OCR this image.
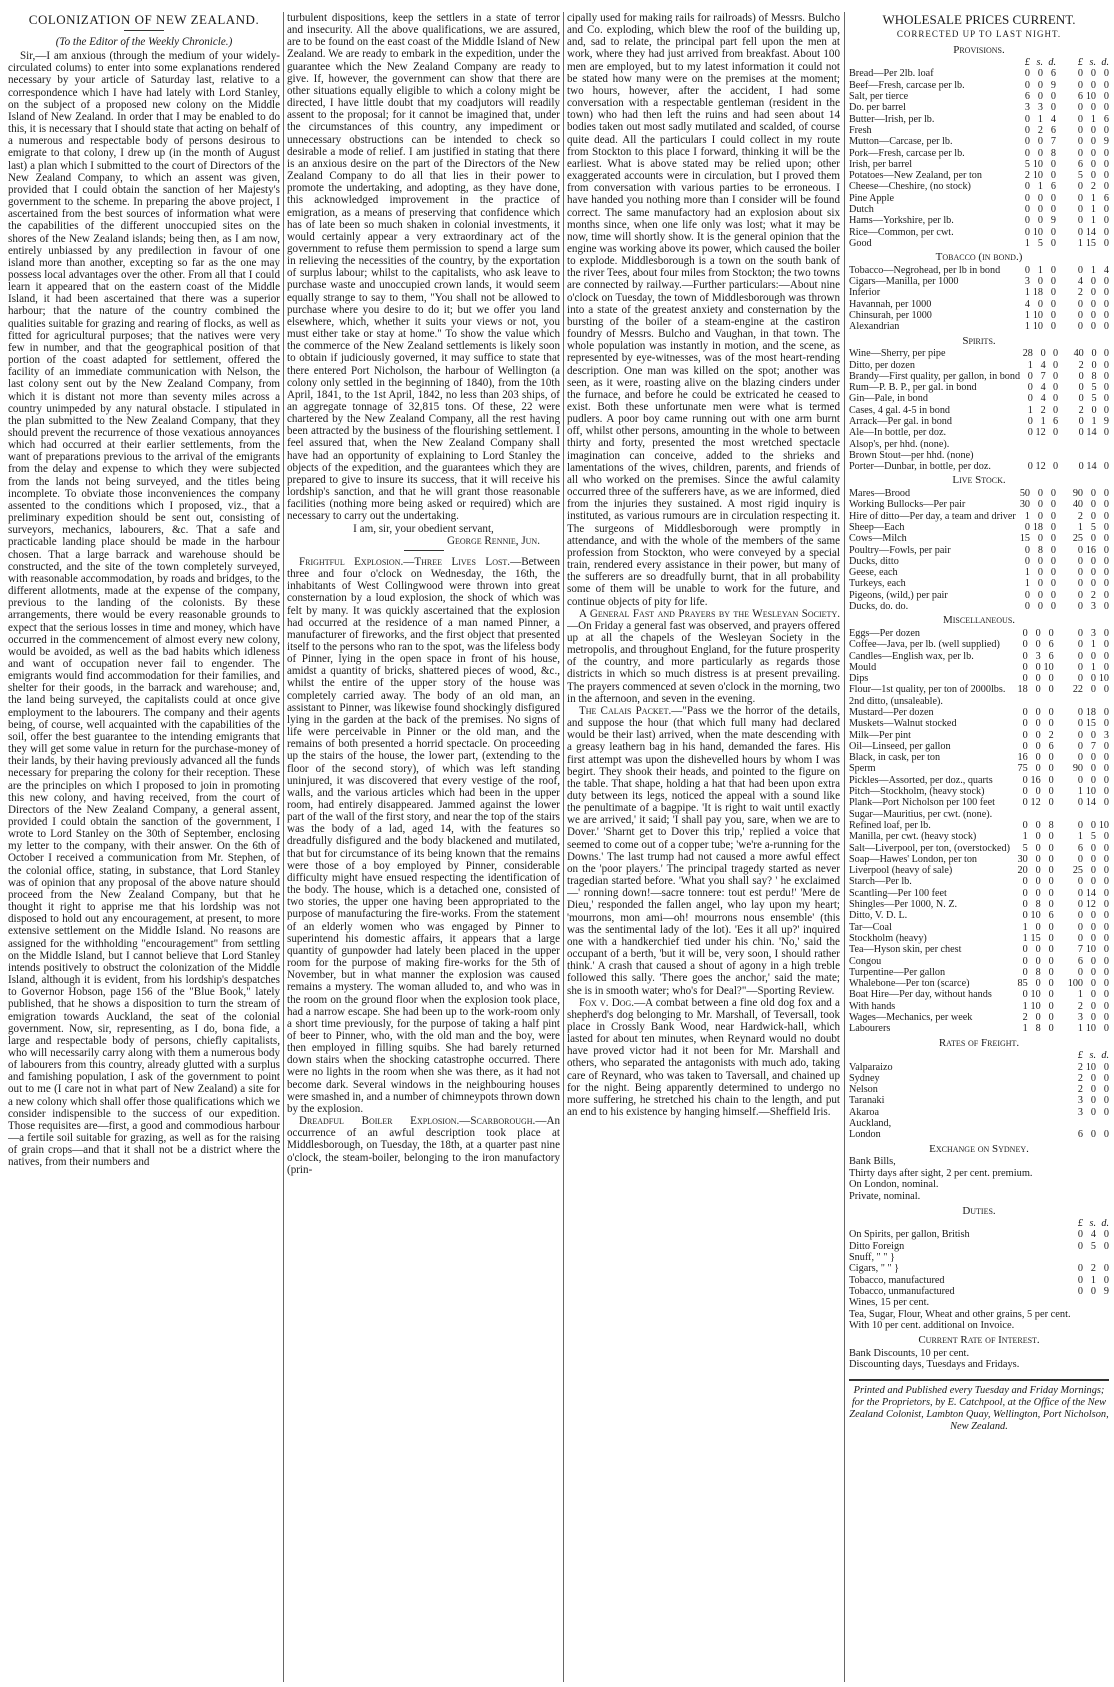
COLONIZATION OF NEW ZEALAND.
(To the Editor of the Weekly Chronicle.)

Sir,—I am anxious (through the medium of your widely-circulated colums) to enter into some explanations rendered necessary by your article of Saturday last, relative to a correspondence which I have had lately with Lord Stanley, on the subject of a proposed new colony on the Middle Island of New Zealand. In order that I may be enabled to do this, it is necessary that I should state that acting on behalf of a numerous and respectable body of persons desirous to emigrate to that colony, I drew up (in the month of August last) a plan which I submitted to the court of Directors of the New Zealand Company, to which an assent was given, provided that I could obtain the sanction of her Majesty's government to the scheme. In preparing the above project, I ascertained from the best sources of information what were the capabilities of the different unoccupied sites on the shores of the New Zealand islands; being then, as I am now, entirely unbiassed by any predilection in favour of one island more than another, excepting so far as the one may possess local advantages over the other. From all that I could learn it appeared that on the eastern coast of the Middle Island, it had been ascertained that there was a superior harbour; that the nature of the country combined the qualities suitable for grazing and rearing of flocks, as well as fitted for agricultural purposes; that the natives were very few in number, and that the geographical position of that portion of the coast adapted for settlement, offered the facility of an immediate communication with Nelson, the last colony sent out by the New Zealand Company, from which it is distant not more than seventy miles across a country unimpeded by any natural obstacle. I stipulated in the plan submitted to the New Zealand Company, that they should prevent the recurrence of those vexatious annoyances which had occurred at their earlier settlements, from the want of preparations previous to the arrival of the emigrants from the delay and expense to which they were subjected from the lands not being surveyed, and the titles being incomplete. To obviate those inconveniences the company assented to the conditions which I proposed, viz., that a preliminary expedition should be sent out, consisting of surveyors, mechanics, labourers, &c. That a safe and practicable landing place should be made in the harbour chosen. That a large barrack and warehouse should be constructed, and the site of the town completely surveyed, with reasonable accommodation, by roads and bridges, to the different allotments, made at the expense of the company, previous to the landing of the colonists. By these arrangements, there would be every reasonable grounds to expect that the serious losses in time and money, which have occurred in the commencement of almost every new colony, would be avoided, as well as the bad habits which idleness and want of occupation never fail to engender. The emigrants would find accommodation for their families, and shelter for their goods, in the barrack and warehouse; and, the land being surveyed, the capitalists could at once give employment to the labourers. The company and their agents being, of course, well acquainted with the capabilities of the soil, offer the best guarantee to the intending emigrants that they will get some value in return for the purchase-money of their lands, by their having previously advanced all the funds necessary for preparing the colony for their reception. These are the principles on which I proposed to join in promoting this new colony, and having received, from the court of Directors of the New Zealand Company, a general assent, provided I could obtain the sanction of the government, I wrote to Lord Stanley on the 30th of September, enclosing my letter to the company, with their answer. On the 6th of October I received a communication from Mr. Stephen, of the colonial office, stating, in substance, that Lord Stanley was of opinion that any proposal of the above nature should proceed from the New Zealand Company, but that he thought it right to apprise me that his lordship was not disposed to hold out any encouragement, at present, to more extensive settlement on the Middle Island. No reasons are assigned for the withholding "encouragement" from settling on the Middle Island, but I cannot believe that Lord Stanley intends positively to obstruct the colonization of the Middle Island, although it is evident, from his lordship's despatches to Governor Hobson, page 156 of the "Blue Book," lately published, that he shows a disposition to turn the stream of emigration towards Auckland, the seat of the colonial government. Now, sir, representing, as I do, bona fide, a large and respectable body of persons, chiefly capitalists, who will necessarily carry along with them a numerous body of labourers from this country, already glutted with a surplus and famishing population, I ask of the government to point out to me (I care not in what part of New Zealand) a site for a new colony which shall offer those qualifications which we consider indispensible to the success of our expedition. Those requisites are—first, a good and commodious harbour—a fertile soil suitable for grazing, as well as for the raising of grain crops—and that it shall not be a district where the natives, from their numbers and

turbulent dispositions, keep the settlers in a state of terror and insecurity. All the above qualifications, we are assured, are to be found on the east coast of the Middle Island of New Zealand. We are ready to embark in the expedition, under the guarantee which the New Zealand Company are ready to give. If, however, the government can show that there are other situations equally eligible to which a colony might be directed, I have little doubt that my coadjutors will readily assent to the proposal; for it cannot be imagined that, under the circumstances of this country, any impediment or unnecessary obstructions can be intended to check so desirable a mode of relief. I am justified in stating that there is an anxious desire on the part of the Directors of the New Zealand Company to do all that lies in their power to promote the undertaking, and adopting, as they have done, this acknowledged improvement in the practice of emigration, as a means of preserving that confidence which has of late been so much shaken in colonial investments, it would certainly appear a very extraordinary act of the government to refuse them permission to spend a large sum in relieving the necessities of the country, by the exportation of surplus labour; whilst to the capitalists, who ask leave to purchase waste and unoccupied crown lands, it would seem equally strange to say to them, "You shall not be allowed to purchase where you desire to do it; but we offer you land elsewhere, which, whether it suits your views or not, you must either take or stay at home." To show the value which the commerce of the New Zealand settlements is likely soon to obtain if judiciously governed, it may suffice to state that there entered Port Nicholson, the harbour of Wellington (a colony only settled in the beginning of 1840), from the 10th April, 1841, to the 1st April, 1842, no less than 203 ships, of an aggregate tonnage of 32,815 tons. Of these, 22 were chartered by the New Zealand Company, all the rest having been attracted by the business of the flourishing settlement. I feel assured that, when the New Zealand Company shall have had an opportunity of explaining to Lord Stanley the objects of the expedition, and the guarantees which they are prepared to give to insure its success, that it will receive his lordship's sanction, and that he will grant those reasonable facilities (nothing more being asked or required) which are necessary to carry out the undertaking.

I am, sir, your obedient servant,

George Rennie, Jun.

Frightful Explosion.—Three Lives Lost.—Between three and four o'clock on Wednesday, the 16th, the inhabitants of West Collingwood were thrown into great consternation by a loud explosion, the shock of which was felt by many. It was quickly ascertained that the explosion had occurred at the residence of a man named Pinner, a manufacturer of fireworks, and the first object that presented itself to the persons who ran to the spot, was the lifeless body of Pinner, lying in the open space in front of his house, amidst a quantity of bricks, shattered pieces of wood, &c., whilst the entire of the upper story of the house was completely carried away. The body of an old man, an assistant to Pinner, was likewise found shockingly disfigured lying in the garden at the back of the premises. No signs of life were perceivable in Pinner or the old man, and the remains of both presented a horrid spectacle. On proceeding up the stairs of the house, the lower part, (extending to the floor of the second story), of which was left standing uninjured, it was discovered that every vestige of the roof, walls, and the various articles which had been in the upper room, had entirely disappeared. Jammed against the lower part of the wall of the first story, and near the top of the stairs was the body of a lad, aged 14, with the features so dreadfully disfigured and the body blackened and mutilated, that but for circumstance of its being known that the remains were those of a boy employed by Pinner, considerable difficulty might have ensued respecting the identification of the body. The house, which is a detached one, consisted of two stories, the upper one having been appropriated to the purpose of manufacturing the fire-works. From the statement of an elderly women who was engaged by Pinner to superintend his domestic affairs, it appears that a large quantity of gunpowder had lately been placed in the upper room for the purpose of making fire-works for the 5th of November, but in what manner the explosion was caused remains a mystery. The woman alluded to, and who was in the room on the ground floor when the explosion took place, had a narrow escape. She had been up to the work-room only a short time previously, for the purpose of taking a half pint of beer to Pinner, who, with the old man and the boy, were then employed in filling squibs. She had barely returned down stairs when the shocking catastrophe occurred. There were no lights in the room when she was there, as it had not become dark. Several windows in the neighbouring houses were smashed in, and a number of chimneypots thrown down by the explosion.

Dreadful Boiler Explosion.—Scarborough.—An occurrence of an awful description took place at Middlesborough, on Tuesday, the 18th, at a quarter past nine o'clock, the steam-boiler, belonging to the iron manufactory (prin-

cipally used for making rails for railroads) of Messrs. Bulcho and Co. exploding, which blew the roof of the building up, and, sad to relate, the principal part fell upon the men at work, where they had just arrived from breakfast. About 100 men are employed, but to my latest information it could not be stated how many were on the premises at the moment; two hours, however, after the accident, I had some conversation with a respectable gentleman (resident in the town) who had then left the ruins and had seen about 14 bodies taken out most sadly mutilated and scalded, of course quite dead. All the particulars I could collect in my route from Stockton to this place I forward, thinking it will be the earliest. What is above stated may be relied upon; other exaggerated accounts were in circulation, but I proved them from conversation with various parties to be erroneous. I have handed you nothing more than I consider will be found correct. The same manufactory had an explosion about six months since, when one life only was lost; what it may be now, time will shortly show. It is the general opinion that the engine was working above its power, which caused the boiler to explode. Middlesborough is a town on the south bank of the river Tees, about four miles from Stockton; the two towns are connected by railway.—Further particulars:—About nine o'clock on Tuesday, the town of Middlesborough was thrown into a state of the greatest anxiety and consternation by the bursting of the boiler of a steam-engine at the castiron foundry of Messrs. Bulcho and Vaughan, in that town. The whole population was instantly in motion, and the scene, as represented by eye-witnesses, was of the most heart-rending description. One man was killed on the spot; another was seen, as it were, roasting alive on the blazing cinders under the furnace, and before he could be extricated he ceased to exist. Both these unfortunate men were what is termed pudlers. A poor boy came running out with one arm burnt off, whilst other persons, amounting in the whole to between thirty and forty, presented the most wretched spectacle imagination can conceive, added to the shrieks and lamentations of the wives, children, parents, and friends of all who worked on the premises. Since the awful calamity occurred three of the sufferers have, as we are informed, died from the injuries they sustained. A most rigid inquiry is instituted, as various rumours are in circulation respecting it. The surgeons of Middlesborough were promptly in attendance, and with the whole of the members of the same profession from Stockton, who were conveyed by a special train, rendered every assistance in their power, but many of the sufferers are so dreadfully burnt, that in all probability some of them will be unable to work for the future, and continue objects of pity for life.

A General Fast and Prayers by the Wesleyan Society.—On Friday a general fast was observed, and prayers offered up at all the chapels of the Wesleyan Society in the metropolis, and throughout England, for the future prosperity of the country, and more particularly as regards those districts in which so much distress is at present prevailing. The prayers commenced at seven o'clock in the morning, two in the afternoon, and seven in the evening.

The Calais Packet.—"Pass we the horror of the details, and suppose the hour (that which full many had declared would be their last) arrived, when the mate descending with a greasy leathern bag in his hand, demanded the fares. His first attempt was upon the dishevelled hours by whom I was begirt. They shook their heads, and pointed to the figure on the table. That shape, holding a hat that had been upon extra duty between its legs, noticed the appeal with a sound like the penultimate of a bagpipe. 'It is right to wait until exactly we are arrived,' it said; 'I shall pay you, sare, when we are to Dover.' 'Sharnt get to Dover this trip,' replied a voice that seemed to come out of a copper tube; 'we're a-running for the Downs.' The last trump had not caused a more awful effect on the 'poor players.' The principal tragedy started as never tragedian started before. 'What you shall say? ' he exclaimed—' ronning down!—sacre tonnere: tout est perdu!' 'Mere de Dieu,' responded the fallen angel, who lay upon my heart; 'mourrons, mon ami—oh! mourrons nous ensemble' (this was the sentimental lady of the lot). 'Ees it all up?' inquired one with a handkerchief tied under his chin. 'No,' said the occupant of a berth, 'but it will be, very soon, I should rather think.' A crash that caused a shout of agony in a high treble followed this sally. 'There goes the anchor,' said the mate; she is in smooth water; who's for Deal?"—Sporting Review.

Fox v. Dog.—A combat between a fine old dog fox and a shepherd's dog belonging to Mr. Marshall, of Teversall, took place in Crossly Bank Wood, near Hardwick-hall, which lasted for about ten minutes, when Reynard would no doubt have proved victor had it not been for Mr. Marshall and others, who separated the antagonists with much ado, taking care of Reynard, who was taken to Taversall, and chained up for the night. Being apparently determined to undergo no more suffering, he stretched his chain to the length, and put an end to his existence by hanging himself.—Sheffield Iris.

WHOLESALE PRICES CURRENT.
CORRECTED UP TO LAST NIGHT.
Provisions.
	£	s.	d.		£	s.	d.
Bread—Per 2lb. loaf	0	0	6		0	0	0
Beef—Fresh, carcase per lb.	0	0	9		0	0	0
Salt, per tierce	6	0	0		6	10	0
Do. per barrel	3	3	0		0	0	0
Butter—Irish, per lb.	0	1	4		0	1	6
Fresh	0	2	6		0	0	0
Mutton—Carcase, per lb.	0	0	7		0	0	9
Pork—Fresh, carcase per lb.	0	0	8		0	0	0
Irish, per barrel	5	10	0		6	0	0
Potatoes—New Zealand, per ton	2	10	0		5	0	0
Cheese—Cheshire, (no stock)	0	1	6		0	2	0
Pine Apple	0	0	0		0	1	6
Dutch	0	0	0		0	1	0
Hams—Yorkshire, per lb.	0	0	9		0	1	0
Rice—Common, per cwt.	0	10	0		0	14	0
Good	1	5	0		1	15	0
Tobacco (in bond.)
Tobacco—Negrohead, per lb in bond	0	1	0		0	1	4
Cigars—Manilla, per 1000	3	0	0		4	0	0
Inferior	1	18	0		2	0	0
Havannah, per 1000	4	0	0		0	0	0
Chinsurah, per 1000	1	10	0		0	0	0
Alexandrian	1	10	0		0	0	0
Spirits.
Wine—Sherry, per pipe	28	0	0		40	0	0
Ditto, per dozen	1	4	0		2	0	0
Brandy—First quality, per gallon, in bond	0	7	0		0	8	0
Rum—P. B. P., per gal. in bond	0	4	0		0	5	0
Gin—Pale, in bond	0	4	0		0	5	0
Cases, 4 gal. 4-5 in bond	1	2	0		2	0	0
Arrack—Per gal. in bond	0	1	6		0	1	9
Ale—In bottle, per doz.	0	12	0		0	14	0
Alsop's, per hhd. (none).							
Brown Stout—per hhd. (none)							
Porter—Dunbar, in bottle, per doz.	0	12	0		0	14	0
Live Stock.
Mares—Brood	50	0	0		90	0	0
Working Bullocks—Per pair	30	0	0		40	0	0
Hire of ditto—Per day, a team and driver	1	0	0		2	0	0
Sheep—Each	0	18	0		1	5	0
Cows—Milch	15	0	0		25	0	0
Poultry—Fowls, per pair	0	8	0		0	16	0
Ducks, ditto	0	0	0		0	0	0
Geese, each	1	0	0		0	0	0
Turkeys, each	1	0	0		0	0	0
Pigeons, (wild,) per pair	0	0	0		0	2	0
Ducks, do. do.	0	0	0		0	3	0
Miscellaneous.
Eggs—Per dozen	0	0	0		0	3	0
Coffee—Java, per lb. (well supplied)	0	0	6		0	1	0
Candles—English wax, per lb.	0	3	6		0	0	0
Mould	0	0	10		0	1	0
Dips	0	0	0		0	0	10
Flour—1st quality, per ton of 2000lbs.	18	0	0		22	0	0
2nd ditto, (unsaleable).							
Mustard—Per dozen	0	0	0		0	18	0
Muskets—Walnut stocked	0	0	0		0	15	0
Milk—Per pint	0	0	2		0	0	3
Oil—Linseed, per gallon	0	0	6		0	7	0
Black, in cask, per ton	16	0	0		0	0	0
Sperm	75	0	0		90	0	0
Pickles—Assorted, per doz., quarts	0	16	0		0	0	0
Pitch—Stockholm, (heavy stock)	0	0	0		1	10	0
Plank—Port Nicholson per 100 feet	0	12	0		0	14	0
Sugar—Mauritius, per cwt. (none).							
Refined loaf, per lb.	0	0	8		0	0	10
Manilla, per cwt. (heavy stock)	1	0	0		1	5	0
Salt—Liverpool, per ton, (overstocked)	5	0	0		6	0	0
Soap—Hawes' London, per ton	30	0	0		0	0	0
Liverpool (heavy of sale)	20	0	0		25	0	0
Starch—Per lb.	0	0	0		0	0	0
Scantling—Per 100 feet	0	0	0		0	14	0
Shingles—Per 1000, N. Z.	0	8	0		0	12	0
Ditto, V. D. L.	0	10	6		0	0	0
Tar—Coal	1	0	0		0	0	0
Stockholm (heavy)	1	15	0		0	0	0
Tea—Hyson skin, per chest	0	0	0		7	10	0
Congou	0	0	0		6	0	0
Turpentine—Per gallon	0	8	0		0	0	0
Whalebone—Per ton (scarce)	85	0	0		100	0	0
Boat Hire—Per day, without hands	0	10	0		1	0	0
With hands	1	10	0		2	0	0
Wages—Mechanics, per week	2	0	0		3	0	0
Labourers	1	8	0		1	10	0
Rates of Freight.
	£	s.	d.
Valparaizo	2	10	0
Sydney	2	0	0
Nelson	2	0	0
Taranaki	3	0	0
Akaroa	3	0	0
Auckland,			
London	6	0	0
Exchange on Sydney.
Bank Bills,
Thirty days after sight, 2 per cent. premium.
On London, nominal.
Private, nominal.
Duties.
	£	s.	d.
On Spirits, per gallon, British	0	4	0
Ditto Foreign	0	5	0
Snuff, " " }			
Cigars, " " }	0	2	0
Tobacco, manufactured	0	1	0
Tobacco, unmanufactured	0	0	9
Wines, 15 per cent.
Tea, Sugar, Flour, Wheat and other grains, 5 per cent.
With 10 per cent. additional on Invoice.
Current Rate of Interest.
Bank Discounts, 10 per cent.
Discounting days, Tuesdays and Fridays.
Printed and Published every Tuesday and Friday Mornings; for the Proprietors, by E. Catchpool, at the Office of the New Zealand Colonist, Lambton Quay, Wellington, Port Nicholson, New Zealand.
